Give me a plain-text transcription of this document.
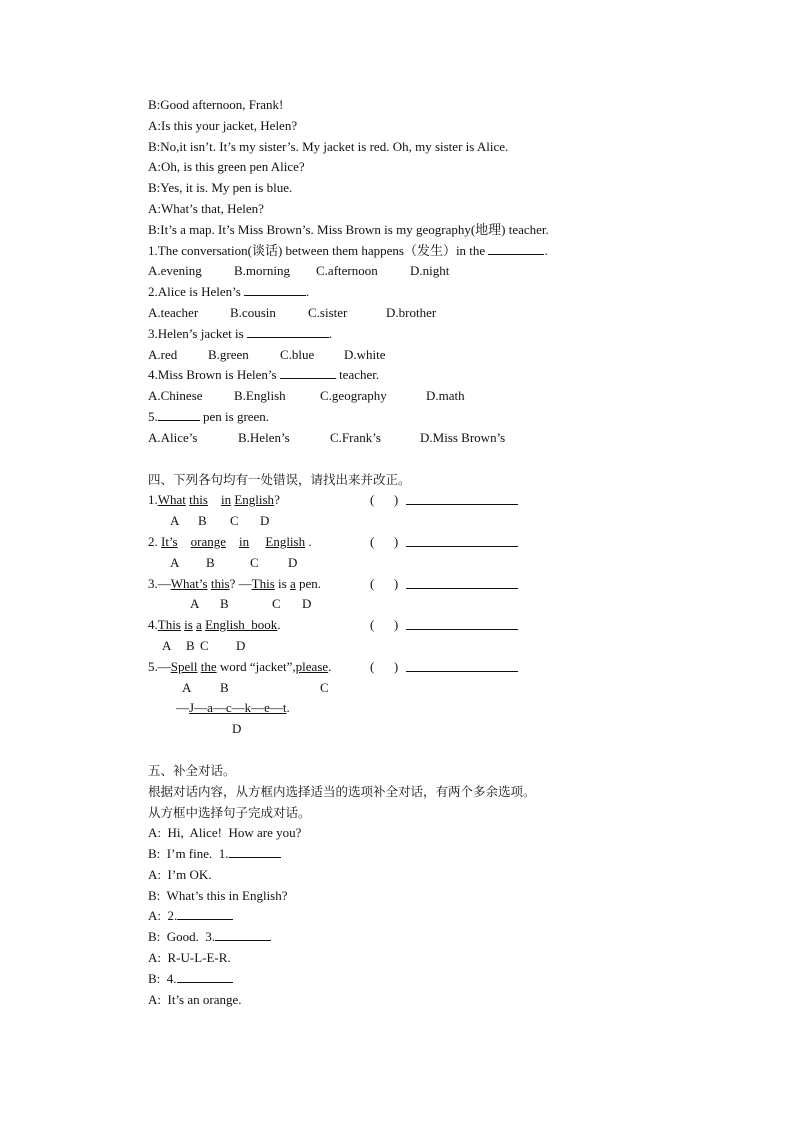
B:Good afternoon, Frank!
A:Is this your jacket, Helen?
B:No,it isn’t. It’s my sister’s. My jacket is red. Oh, my sister is Alice.
A:Oh, is this green pen Alice?
B:Yes, it is. My pen is blue.
A:What’s that, Helen?
B:It’s a map. It’s Miss Brown’s. Miss Brown is my geography(地理) teacher.
1.The conversation(谈话) between them happens（发生）in the	.
A.evening B.morning C.afternoon D.night
2.Alice is Helen’s	.
A.teacher B.cousin C.sister	D.brother
3.Helen’s jacket is	.
A.red B.green C.blue D.white
4.Miss Brown is Helen’s	teacher.
A.Chinese B.English	C.geography	D.math
5.	pen is green.
A.Alice’s	B.Helen’s	C.Frank’s	D.Miss Brown’s
四、下列各句均有一处错误，请找出来并改正。
1.What this in English?	(      )
A B C D
2. It’s orange in English .	(      )
A B	C D
3.—What’s this? —This is a pen.	(      )
A B	C D
4.This is a English  book.	(      )
A B C D
5.—Spell the word “jacket”,please.	(      )
A B	C
—J—a—c—k—e—t.
D
五、补全对话。
根据对话内容，从方框内选择适当的选项补全对话，有两个多余选项。
从方框中选择句子完成对话。
A:  Hi,  Alice!  How are you?
B:  I’m fine.  1.
A:  I’m OK.
B:  What’s this in English?
A:  2.
B:  Good.  3.
A:  R-U-L-E-R.
B:  4.
A:  It’s an orange.
